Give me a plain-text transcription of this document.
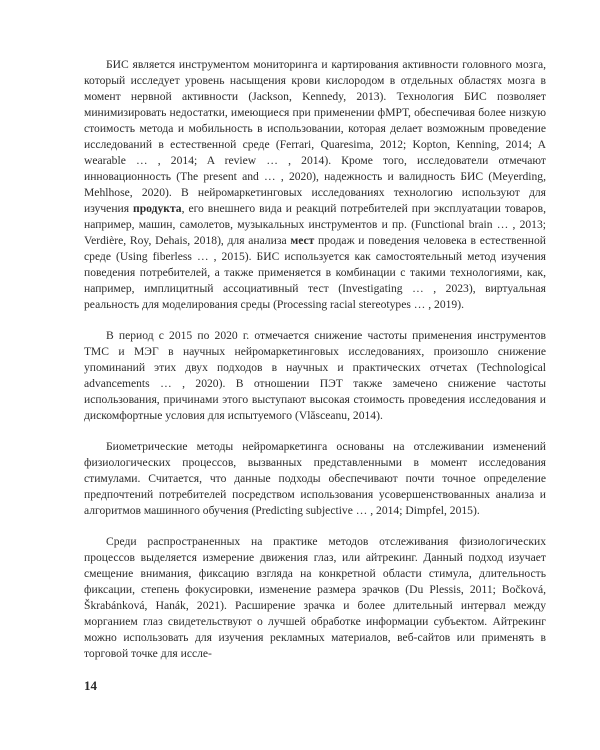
БИС является инструментом мониторинга и картирования активности головного мозга, который исследует уровень насыщения крови кислородом в отдельных областях мозга в момент нервной активности (Jackson, Kennedy, 2013). Технология БИС позволяет минимизировать недостатки, имеющиеся при применении фМРТ, обеспечивая более низкую стоимость метода и мобильность в использовании, которая делает возможным проведение исследований в естественной среде (Ferrari, Quaresima, 2012; Kopton, Kenning, 2014; A wearable … , 2014; A review … , 2014). Кроме того, исследователи отмечают инновационность (The present and … , 2020), надежность и валидность БИС (Meyerding, Mehlhose, 2020). В нейромаркетинговых исследованиях технологию используют для изучения продукта, его внешнего вида и реакций потребителей при эксплуатации товаров, например, машин, самолетов, музыкальных инструментов и пр. (Functional brain … , 2013; Verdière, Roy, Dehais, 2018), для анализа мест продаж и поведения человека в естественной среде (Using fiberless … , 2015). БИС используется как самостоятельный метод изучения поведения потребителей, а также применяется в комбинации с такими технологиями, как, например, имплицитный ассоциативный тест (Investigating … , 2023), виртуальная реальность для моделирования среды (Processing racial stereotypes … , 2019).

В период с 2015 по 2020 г. отмечается снижение частоты применения инструментов ТМС и МЭГ в научных нейромаркетинговых исследованиях, произошло снижение упоминаний этих двух подходов в научных и практических отчетах (Technological advancements … , 2020). В отношении ПЭТ также замечено снижение частоты использования, причинами этого выступают высокая стоимость проведения исследования и дискомфортные условия для испытуемого (Vlăsceanu, 2014).

Биометрические методы нейромаркетинга основаны на отслеживании изменений физиологических процессов, вызванных представленными в момент исследования стимулами. Считается, что данные подходы обеспечивают почти точное определение предпочтений потребителей посредством использования усовершенствованных анализа и алгоритмов машинного обучения (Predicting subjective … , 2014; Dimpfel, 2015).

Среди распространенных на практике методов отслеживания физиологических процессов выделяется измерение движения глаз, или айтрекинг. Данный подход изучает смещение внимания, фиксацию взгляда на конкретной области стимула, длительность фиксации, степень фокусировки, изменение размера зрачков (Du Plessis, 2011; Bočková, Škrabánková, Hanák, 2021). Расширение зрачка и более длительный интервал между морганием глаз свидетельствуют о лучшей обработке информации субъектом. Айтрекинг можно использовать для изучения рекламных материалов, веб-сайтов или применять в торговой точке для иссле-

14
